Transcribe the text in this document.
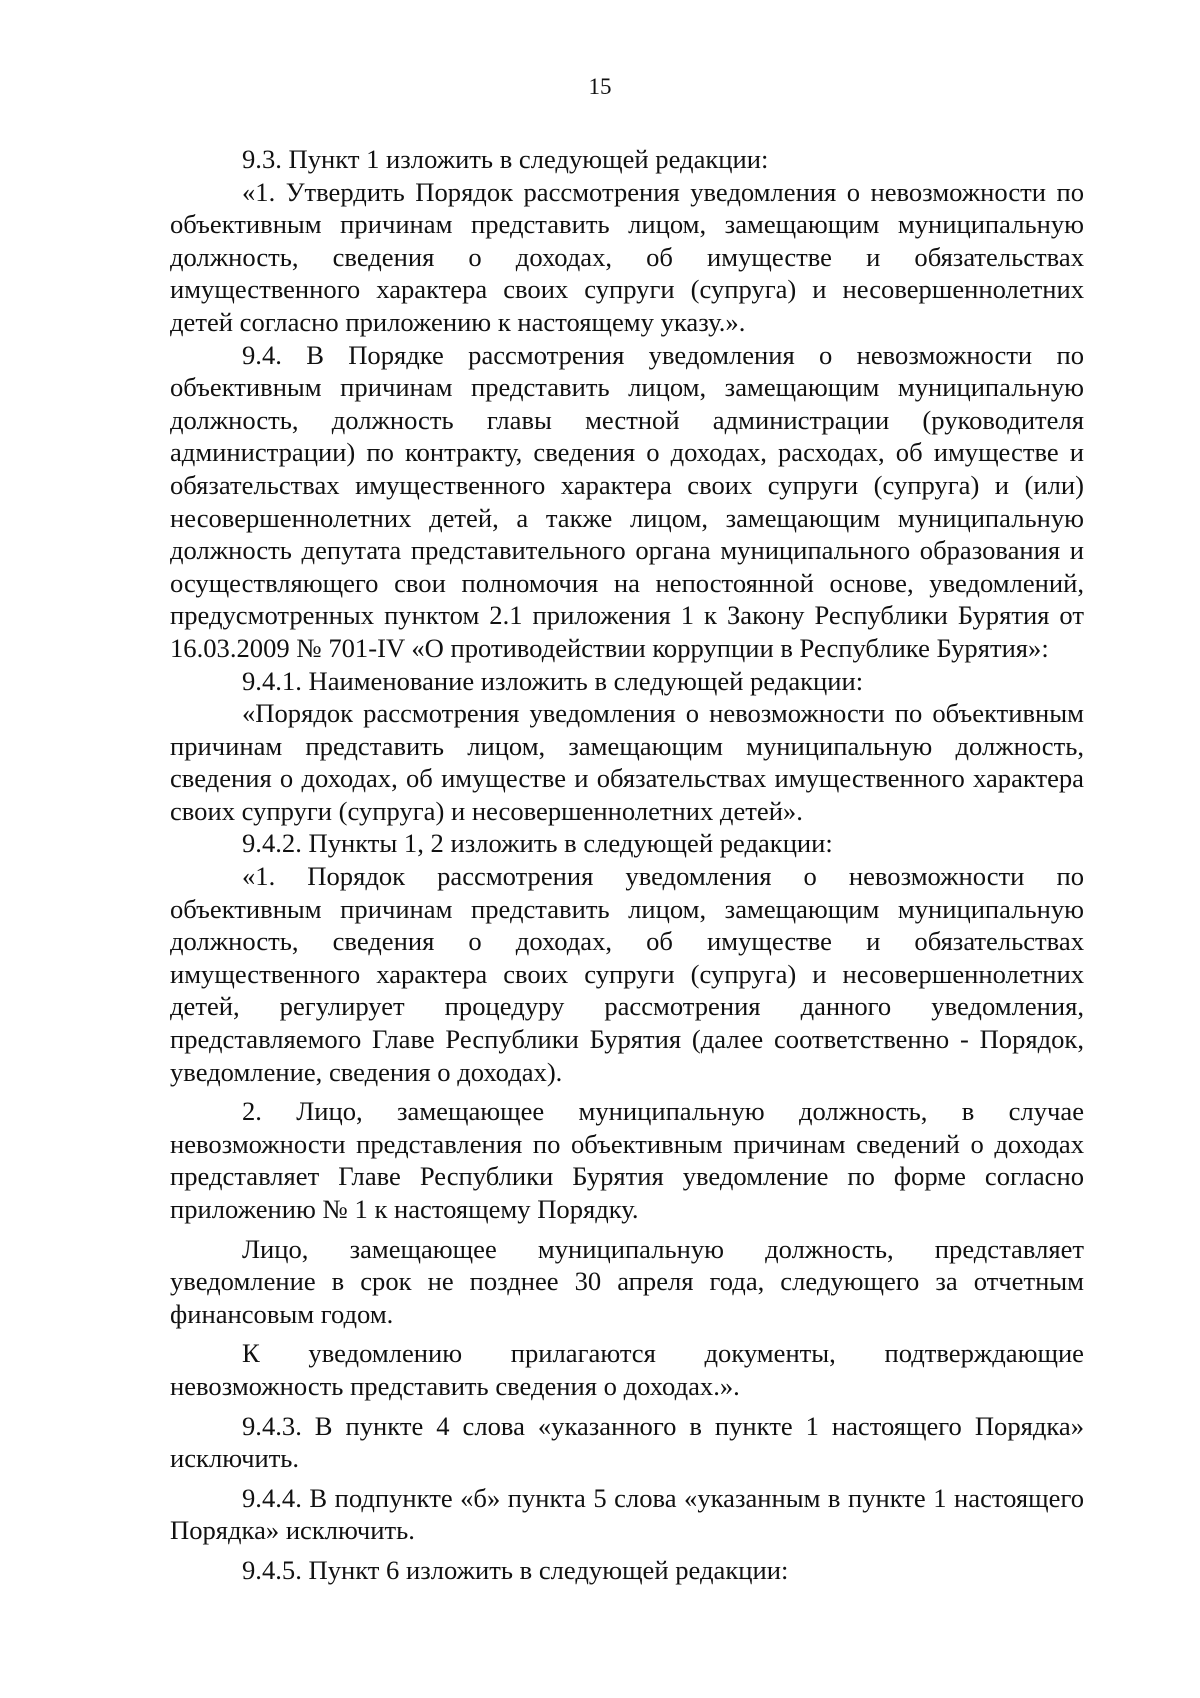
15

9.3. Пункт 1 изложить в следующей редакции:

«1. Утвердить Порядок рассмотрения уведомления о невозможности по объективным причинам представить лицом, замещающим муниципальную должность, сведения о доходах, об имуществе и обязательствах имущественного характера своих супруги (супруга) и несовершеннолетних детей согласно приложению к настоящему указу.».

9.4. В Порядке рассмотрения уведомления о невозможности по объективным причинам представить лицом, замещающим муниципальную должность, должность главы местной администрации (руководителя администрации) по контракту, сведения о доходах, расходах, об имуществе и обязательствах имущественного характера своих супруги (супруга) и (или) несовершеннолетних детей, а также лицом, замещающим муниципальную должность депутата представительного органа муниципального образования и осуществляющего свои полномочия на непостоянной основе, уведомлений, предусмотренных пунктом 2.1 приложения 1 к Закону Республики Бурятия от 16.03.2009 № 701-IV «О противодействии коррупции в Республике Бурятия»:

9.4.1. Наименование изложить в следующей редакции:

«Порядок рассмотрения уведомления о невозможности по объективным причинам представить лицом, замещающим муниципальную должность, сведения о доходах, об имуществе и обязательствах имущественного характера своих супруги (супруга) и несовершеннолетних детей».

9.4.2. Пункты 1, 2 изложить в следующей редакции:

«1. Порядок рассмотрения уведомления о невозможности по объективным причинам представить лицом, замещающим муниципальную должность, сведения о доходах, об имуществе и обязательствах имущественного характера своих супруги (супруга) и несовершеннолетних детей, регулирует процедуру рассмотрения данного уведомления, представляемого Главе Республики Бурятия (далее соответственно - Порядок, уведомление, сведения о доходах).

2. Лицо, замещающее муниципальную должность, в случае невозможности представления по объективным причинам сведений о доходах представляет Главе Республики Бурятия уведомление по форме согласно приложению № 1 к настоящему Порядку.

Лицо, замещающее муниципальную должность, представляет уведомление в срок не позднее 30 апреля года, следующего за отчетным финансовым годом.

К уведомлению прилагаются документы, подтверждающие невозможность представить сведения о доходах.».

9.4.3. В пункте 4 слова «указанного в пункте 1 настоящего Порядка» исключить.

9.4.4. В подпункте «б» пункта 5 слова «указанным в пункте 1 настоящего Порядка» исключить.

9.4.5. Пункт 6 изложить в следующей редакции:
